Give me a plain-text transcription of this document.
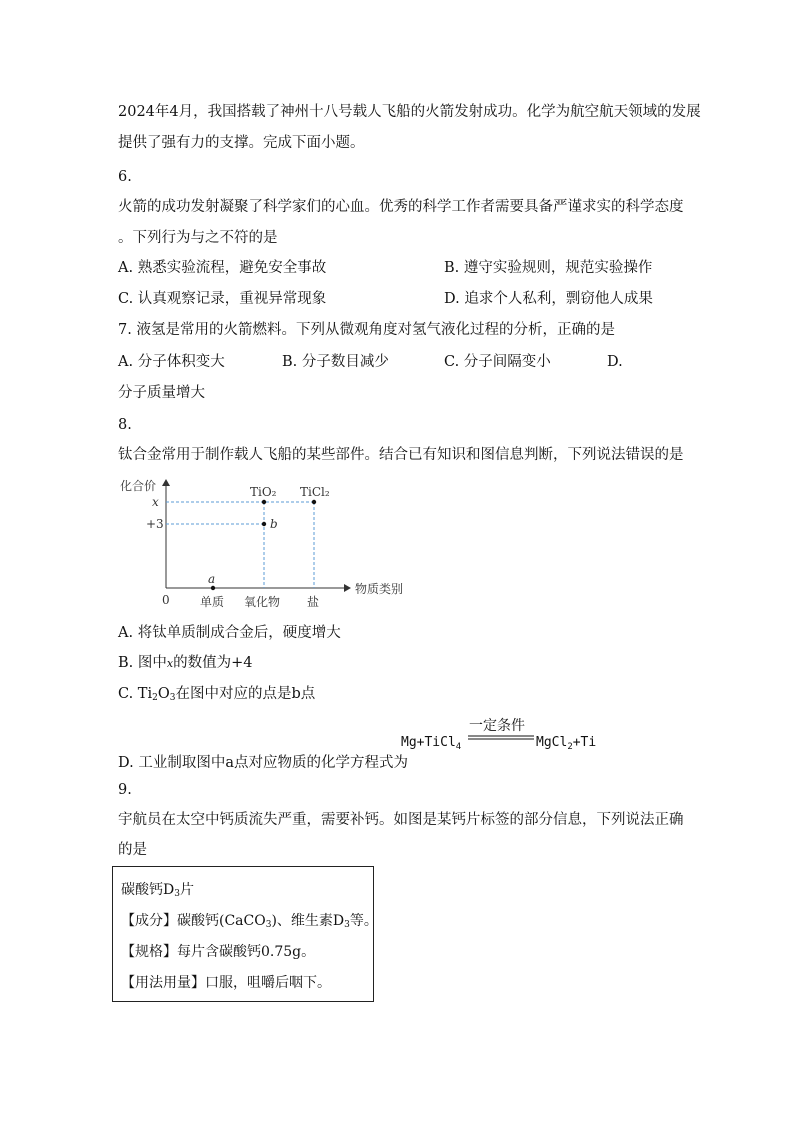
2024年4月，我国搭载了神州十八号载人飞船的火箭发射成功。化学为航空航天领域的发展
提供了强有力的支撑。完成下面小题。
6.
火箭的成功发射凝聚了科学家们的心血。优秀的科学工作者需要具备严谨求实的科学态度
。下列行为与之不符的是
A. 熟悉实验流程，避免安全事故	B. 遵守实验规则，规范实验操作
C. 认真观察记录，重视异常现象	D. 追求个人私利，剽窃他人成果
7. 液氢是常用的火箭燃料。下列从微观角度对氢气液化过程的分析，正确的是
A. 分子体积变大	B. 分子数目减少	C. 分子间隔变小	D.
分子质量增大
8.
钛合金常用于制作载人飞船的某些部件。结合已有知识和图信息判断，下列说法错误的是
化合价
物质类别
0
+3
x
单质 氧化物 盐
a
TiO₂
b
TiCl₂
A. 将钛单质制成合金后，硬度增大
B. 图中x的数值为+4
C. $Ti_2O_3$在图中对应的点是b点
Mg+TiCl$_4$
一定条件
MgCl$_2$+Ti
D. 工业制取图中a点对应物质的化学方程式为
9.
宇航员在太空中钙质流失严重，需要补钙。如图是某钙片标签的部分信息，下列说法正确
的是
碳酸钙$D_3$片
【成分】碳酸钙(CaCO$_3$)、维生素$D_3$等。
【规格】每片含碳酸钙0.75g。
【用法用量】口服，咀嚼后咽下。
